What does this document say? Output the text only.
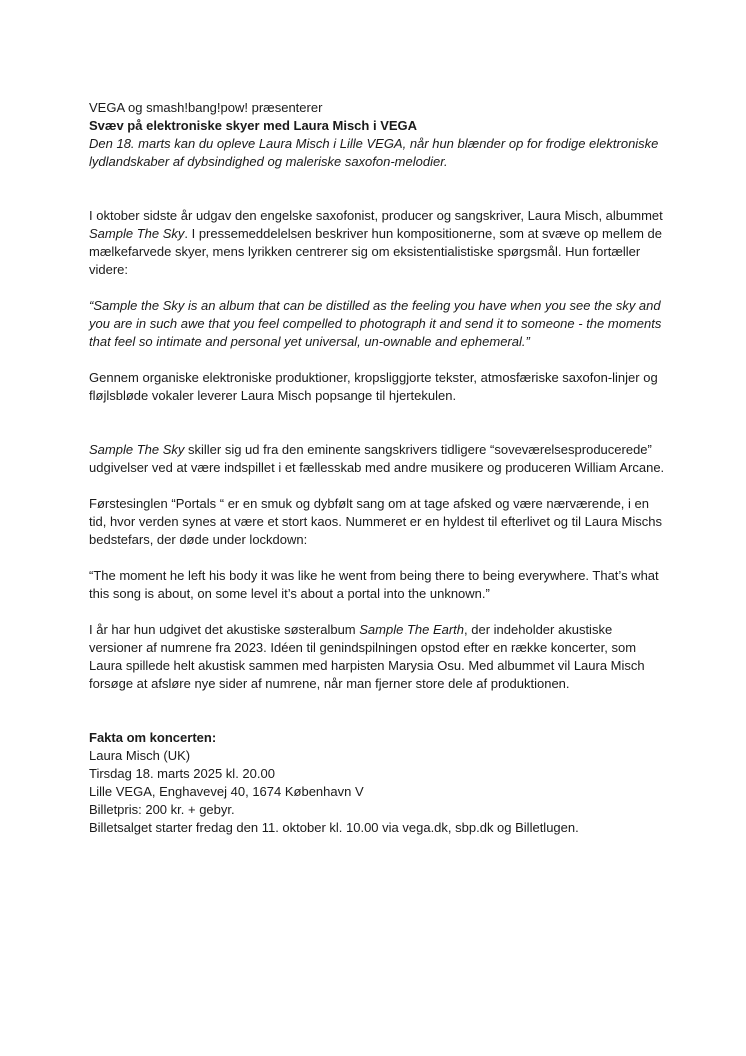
VEGA og smash!bang!pow! præsenterer

Svæv på elektroniske skyer med Laura Misch i VEGA

Den 18. marts kan du opleve Laura Misch i Lille VEGA, når hun blænder op for frodige elektroniske lydlandskaber af dybsindighed og maleriske saxofon-melodier.

I oktober sidste år udgav den engelske saxofonist, producer og sangskriver, Laura Misch, albummet Sample The Sky. I pressemeddelelsen beskriver hun kompositionerne, som at svæve op mellem de mælkefarvede skyer, mens lyrikken centrerer sig om eksistentialistiske spørgsmål. Hun fortæller videre:

“Sample the Sky is an album that can be distilled as the feeling you have when you see the sky and you are in such awe that you feel compelled to photograph it and send it to someone - the moments that feel so intimate and personal yet universal, un-ownable and ephemeral.”

Gennem organiske elektroniske produktioner, kropsliggjorte tekster, atmosfæriske saxofon-linjer og fløjlsbløde vokaler leverer Laura Misch popsange til hjertekulen.

Sample The Sky skiller sig ud fra den eminente sangskrivers tidligere “soveværelsesproducerede” udgivelser ved at være indspillet i et fællesskab med andre musikere og produceren William Arcane.

Førstesinglen “Portals “ er en smuk og dybfølt sang om at tage afsked og være nærværende, i en tid, hvor verden synes at være et stort kaos. Nummeret er en hyldest til efterlivet og til Laura Mischs bedstefars, der døde under lockdown:

“The moment he left his body it was like he went from being there to being everywhere. That’s what this song is about, on some level it’s about a portal into the unknown.”

I år har hun udgivet det akustiske søsteralbum Sample The Earth, der indeholder akustiske versioner af numrene fra 2023. Idéen til genindspilningen opstod efter en række koncerter, som Laura spillede helt akustisk sammen med harpisten Marysia Osu. Med albummet vil Laura Misch forsøge at afsløre nye sider af numrene, når man fjerner store dele af produktionen.

Fakta om koncerten:

Laura Misch (UK)

Tirsdag 18. marts 2025 kl. 20.00

Lille VEGA, Enghavevej 40, 1674 København V

Billetpris: 200 kr. + gebyr.

Billetsalget starter fredag den 11. oktober kl. 10.00 via vega.dk, sbp.dk og Billetlugen.
